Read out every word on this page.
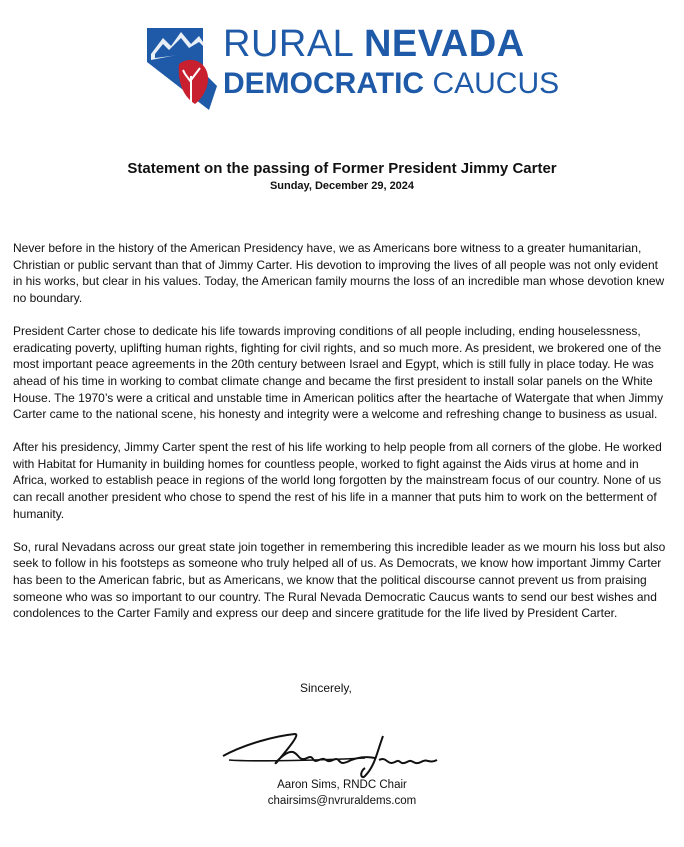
RURAL NEVADA
DEMOCRATIC CAUCUS
Statement on the passing of Former President Jimmy Carter
Sunday, December 29, 2024

Never before in the history of the American Presidency have, we as Americans bore witness to a greater humanitarian, Christian or public servant than that of Jimmy Carter. His devotion to improving the lives of all people was not only evident in his works, but clear in his values. Today, the American family mourns the loss of an incredible man whose devotion knew no boundary.

President Carter chose to dedicate his life towards improving conditions of all people including, ending houselessness, eradicating poverty, uplifting human rights, fighting for civil rights, and so much more. As president, we brokered one of the most important peace agreements in the 20th century between Israel and Egypt, which is still fully in place today. He was ahead of his time in working to combat climate change and became the first president to install solar panels on the White House. The 1970’s were a critical and unstable time in American politics after the heartache of Watergate that when Jimmy Carter came to the national scene, his honesty and integrity were a welcome and refreshing change to business as usual.

After his presidency, Jimmy Carter spent the rest of his life working to help people from all corners of the globe. He worked with Habitat for Humanity in building homes for countless people, worked to fight against the Aids virus at home and in Africa, worked to establish peace in regions of the world long forgotten by the mainstream focus of our country. None of us can recall another president who chose to spend the rest of his life in a manner that puts him to work on the betterment of humanity.

So, rural Nevadans across our great state join together in remembering this incredible leader as we mourn his loss but also seek to follow in his footsteps as someone who truly helped all of us. As Democrats, we know how important Jimmy Carter has been to the American fabric, but as Americans, we know that the political discourse cannot prevent us from praising someone who was so important to our country. The Rural Nevada Democratic Caucus wants to send our best wishes and condolences to the Carter Family and express our deep and sincere gratitude for the life lived by President Carter.

Sincerely,
Aaron Sims, RNDC Chair
chairsims@nvruraldems.com
